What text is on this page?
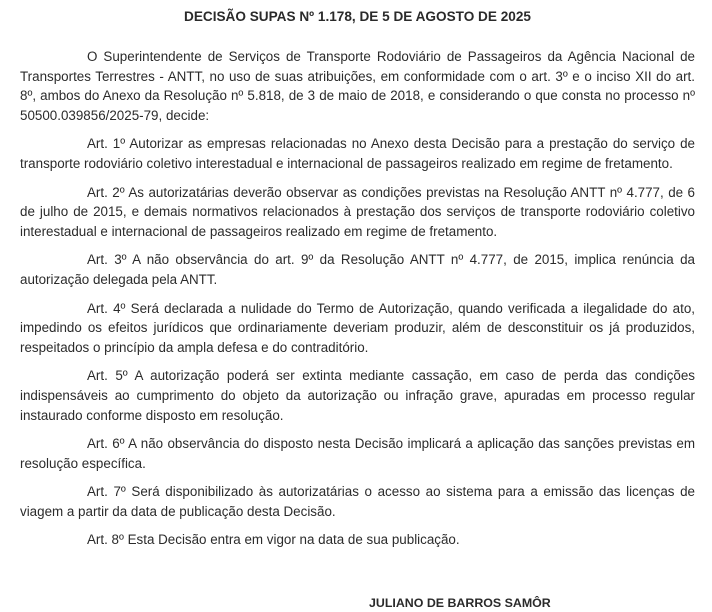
DECISÃO SUPAS Nº 1.178, DE 5 DE AGOSTO DE 2025

O Superintendente de Serviços de Transporte Rodoviário de Passageiros da Agência Nacional de Transportes Terrestres - ANTT, no uso de suas atribuições, em conformidade com o art. 3º e o inciso XII do art. 8º, ambos do Anexo da Resolução nº 5.818, de 3 de maio de 2018, e considerando o que consta no processo nº 50500.039856/2025-79, decide:

Art. 1º Autorizar as empresas relacionadas no Anexo desta Decisão para a prestação do serviço de transporte rodoviário coletivo interestadual e internacional de passageiros realizado em regime de fretamento.

Art. 2º As autorizatárias deverão observar as condições previstas na Resolução ANTT nº 4.777, de 6 de julho de 2015, e demais normativos relacionados à prestação dos serviços de transporte rodoviário coletivo interestadual e internacional de passageiros realizado em regime de fretamento.

Art. 3º A não observância do art. 9º da Resolução ANTT nº 4.777, de 2015, implica renúncia da autorização delegada pela ANTT.

Art. 4º Será declarada a nulidade do Termo de Autorização, quando verificada a ilegalidade do ato, impedindo os efeitos jurídicos que ordinariamente deveriam produzir, além de desconstituir os já produzidos, respeitados o princípio da ampla defesa e do contraditório.

Art. 5º A autorização poderá ser extinta mediante cassação, em caso de perda das condições indispensáveis ao cumprimento do objeto da autorização ou infração grave, apuradas em processo regular instaurado conforme disposto em resolução.

Art. 6º A não observância do disposto nesta Decisão implicará a aplicação das sanções previstas em resolução específica.

Art. 7º Será disponibilizado às autorizatárias o acesso ao sistema para a emissão das licenças de viagem a partir da data de publicação desta Decisão.

Art. 8º Esta Decisão entra em vigor na data de sua publicação.

JULIANO DE BARROS SAMÔR
